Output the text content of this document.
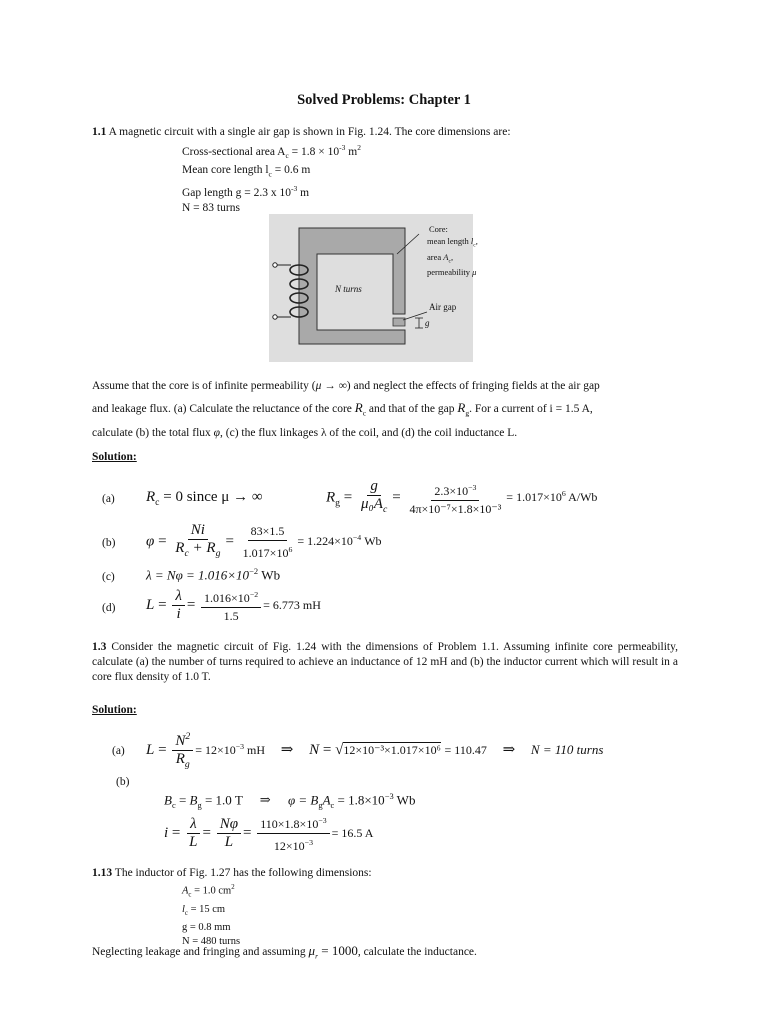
Solved Problems: Chapter 1
1.1 A magnetic circuit with a single air gap is shown in Fig. 1.24. The core dimensions are:
Cross-sectional area $A_c = 1.8 \times 10^{-3}$ $m^2$
Mean core length $l_c = 0.6$ m
Gap length g = 2.3 x $10^{-3}$ m
N = 83 turns
Core:
mean length $l_c$,
area $A_c$,
permeability μ
N turns
Air gap
g
Assume that the core is of infinite permeability (μ → ∞) and neglect the effects of fringing fields at the air gap
and leakage flux. (a) Calculate the reluctance of the core $R_c$ and that of the gap $R_g$. For a current of i = 1.5 A,
calculate (b) the total flux φ, (c) the flux linkages λ of the coil, and (d) the coil inductance L.
Solution:
(a) $R_c = 0$ since μ → ∞	$R_g = \frac{g}{\mu_0A_c} = \frac{2.3\times 10^{-3}}{\text{4π×10⁻⁷×1.8×10⁻³}} = 1.017\times 10^6$ A/Wb
(b) $\varphi = \frac{Ni}{R_c + R_g} = \frac{83\times 1.5}{1.017\times 10^6} = 1.224\times 10^{-4}$ Wb
(c) $\lambda = N\varphi = 1.016\times 10^{-2}$ Wb
(d) $L = \frac{\lambda}{i} = \frac{1.016\times 10^{-2}}{1.5} = 6.773$ mH
1.3 Consider the magnetic circuit of Fig. 1.24 with the dimensions of Problem 1.1. Assuming infinite core permeability, calculate (a) the number of turns required to achieve an inductance of 12 mH and (b) the inductor current which will result in a core flux density of 1.0 T.
Solution:
(a) $L = \frac{N^2}{R_g} = 12\times 10^{-3}$ mH ⇒ N = √12×10⁻³×1.017×10⁶ = 110.47 ⇒ N = 110 turns
(b)
$B_c = B_g = 1.0$ T ⇒ $\varphi = B_gA_c = 1.8\times 10^{-3}$ Wb
$i = \frac{\lambda}{L} = \frac{N\varphi}{L} = \frac{110\times 1.8\times 10^{-3}}{12\times 10^{-3}} = 16.5$ A
1.13 The inductor of Fig. 1.27 has the following dimensions:
$A_c = 1.0$ $cm^2$
$l_c = 15$ cm
g = 0.8 mm
N = 480 turns
Neglecting leakage and fringing and assuming $\mu_r = 1000$, calculate the inductance.
